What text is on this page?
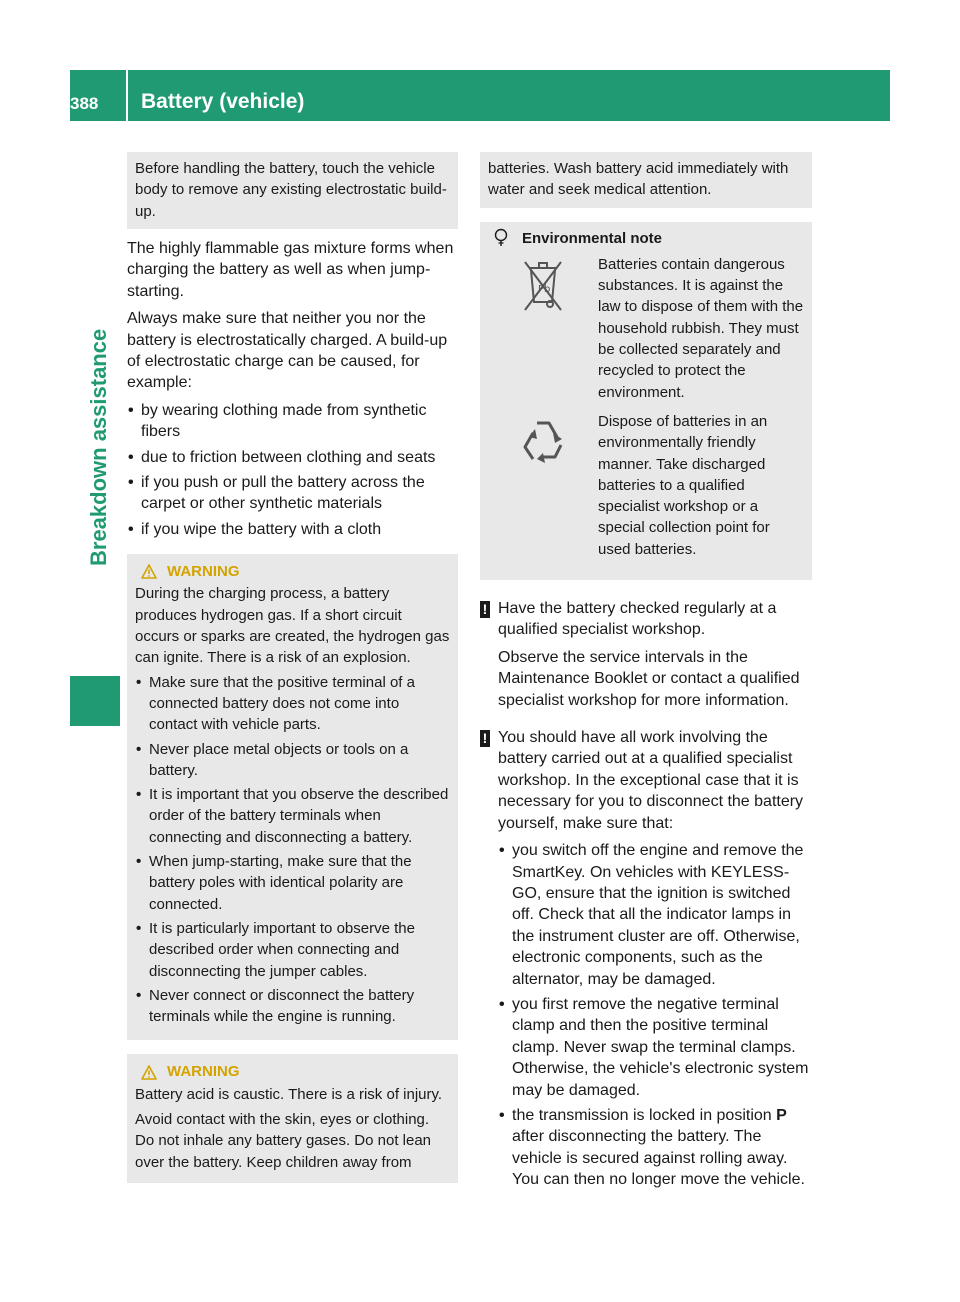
388	Battery (vehicle)
Breakdown assistance

Before handling the battery, touch the vehicle body to remove any existing electrostatic build-up.

The highly flammable gas mixture forms when charging the battery as well as when jump-starting.

Always make sure that neither you nor the battery is electrostatically charged. A build-up of electrostatic charge can be caused, for example:

• by wearing clothing made from synthetic fibers
• due to friction between clothing and seats
• if you push or pull the battery across the carpet or other synthetic materials
• if you wipe the battery with a cloth
WARNING

During the charging process, a battery produces hydrogen gas. If a short circuit occurs or sparks are created, the hydrogen gas can ignite. There is a risk of an explosion.

• Make sure that the positive terminal of a connected battery does not come into contact with vehicle parts.
• Never place metal objects or tools on a battery.
• It is important that you observe the described order of the battery terminals when connecting and disconnecting a battery.
• When jump-starting, make sure that the battery poles with identical polarity are connected.
• It is particularly important to observe the described order when connecting and disconnecting the jumper cables.
• Never connect or disconnect the battery terminals while the engine is running.
WARNING

Battery acid is caustic. There is a risk of injury.

Avoid contact with the skin, eyes or clothing. Do not inhale any battery gases. Do not lean over the battery. Keep children away from

batteries. Wash battery acid immediately with water and seek medical attention.

Environmental note
Pb
Batteries contain dangerous substances. It is against the law to dispose of them with the household rubbish. They must be collected separately and recycled to protect the environment.
Dispose of batteries in an environmentally friendly manner. Take discharged batteries to a qualified specialist workshop or a special collection point for used batteries.
! Have the battery checked regularly at a qualified specialist workshop.

Observe the service intervals in the Maintenance Booklet or contact a qualified specialist workshop for more information.

! You should have all work involving the battery carried out at a qualified specialist workshop. In the exceptional case that it is necessary for you to disconnect the battery yourself, make sure that:

• you switch off the engine and remove the SmartKey. On vehicles with KEYLESS-GO, ensure that the ignition is switched off. Check that all the indicator lamps in the instrument cluster are off. Otherwise, electronic components, such as the alternator, may be damaged.
• you first remove the negative terminal clamp and then the positive terminal clamp. Never swap the terminal clamps. Otherwise, the vehicle's electronic system may be damaged.
• the transmission is locked in position P after disconnecting the battery. The vehicle is secured against rolling away. You can then no longer move the vehicle.
